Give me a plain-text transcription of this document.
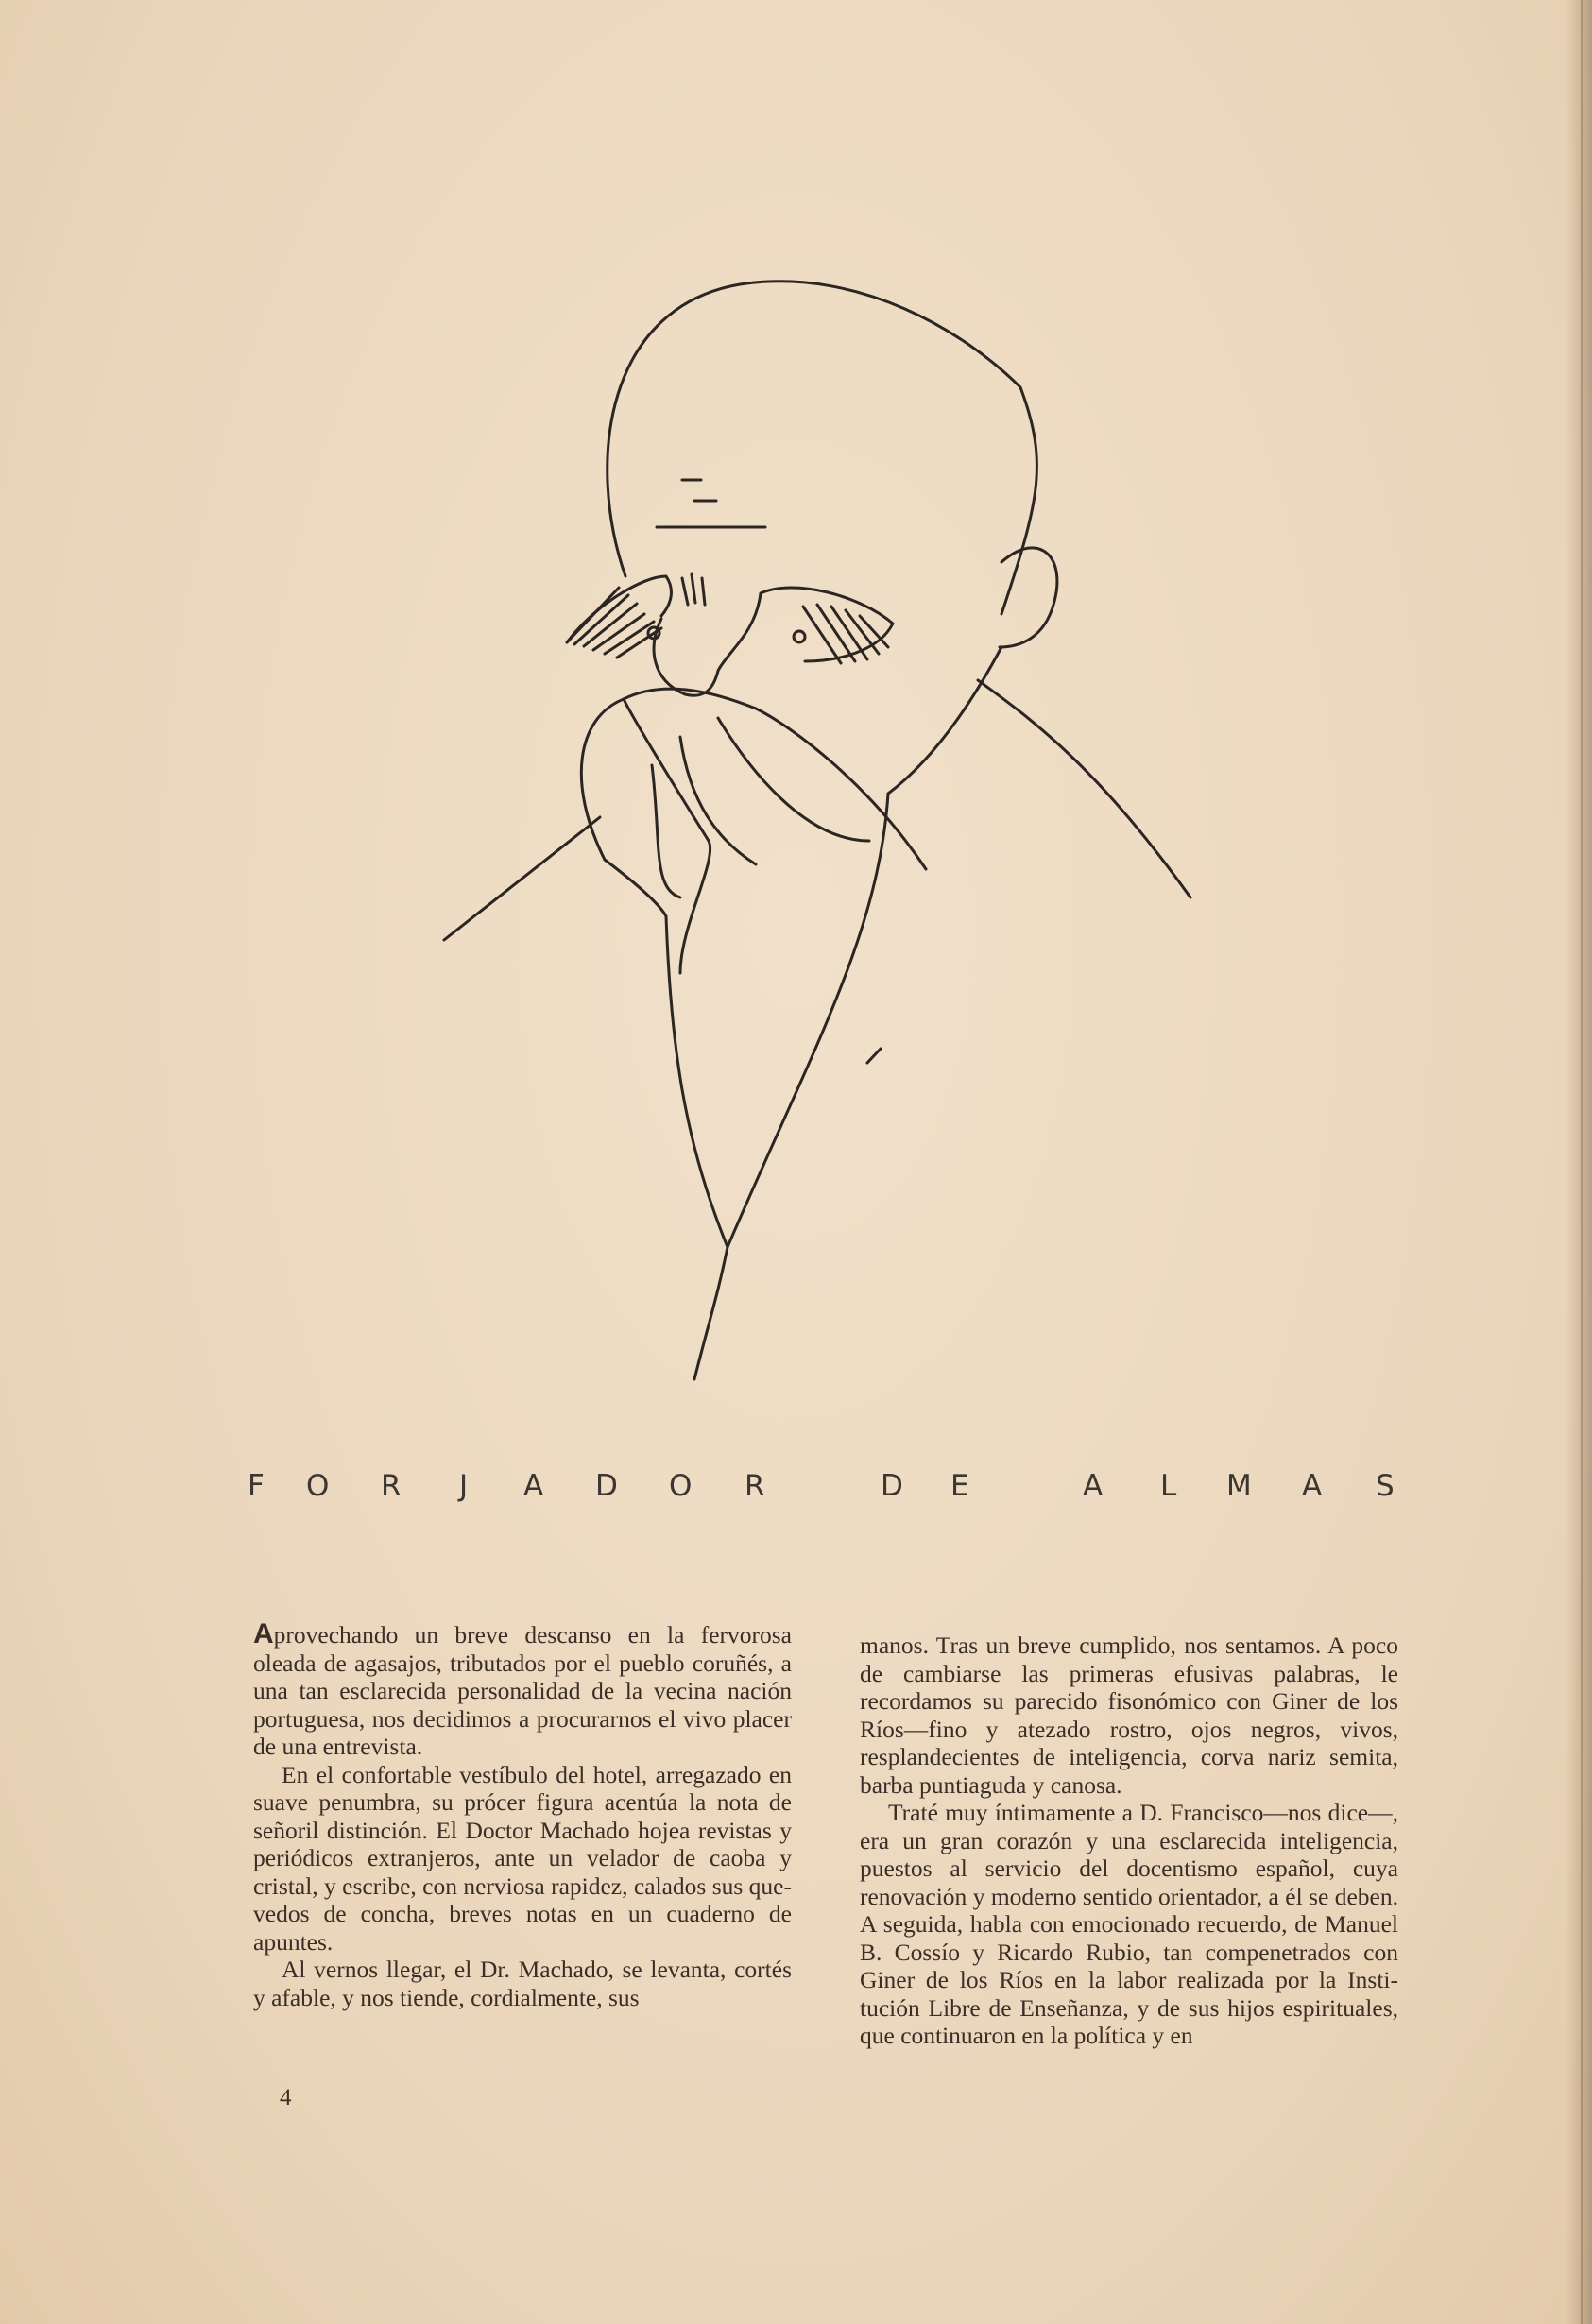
F O R J A D O R	D E	A L M A S

Aprovechando un breve descanso en la fervorosa oleada de agasajos, tributados por el pueblo coruñés, a una tan esclarecida personalidad de la vecina nación portuguesa, nos decidimos a procurarnos el vivo placer de una entrevista.

En el confortable vestíbulo del hotel, arregazado en suave penumbra, su prócer figura acentúa la nota de señoril distinción. El Doctor Machado hojea revistas y periódicos extranjeros, ante un velador de caoba y cristal, y escribe, con nerviosa rapidez, calados sus quevedos de concha, breves notas en un cuaderno de apuntes.

Al vernos llegar, el Dr. Machado, se levanta, cortés y afable, y nos tiende, cordialmente, sus

manos. Tras un breve cumplido, nos sentamos. A poco de cambiarse las primeras efusivas palabras, le recordamos su parecido fisonómico con Giner de los Ríos—fino y atezado rostro, ojos negros, vivos, resplandecientes de inteligencia, corva nariz semita, barba puntiaguda y canosa.

Traté muy íntimamente a D. Francisco—nos dice—, era un gran corazón y una esclarecida inteligencia, puestos al servicio del docentismo español, cuya renovación y moderno sentido orientador, a él se deben. A seguida, habla con emocionado recuerdo, de Manuel B. Cossío y Ricardo Rubio, tan compenetrados con Giner de los Ríos en la labor realizada por la Institución Libre de Enseñanza, y de sus hijos espirituales, que continuaron en la política y en

4
